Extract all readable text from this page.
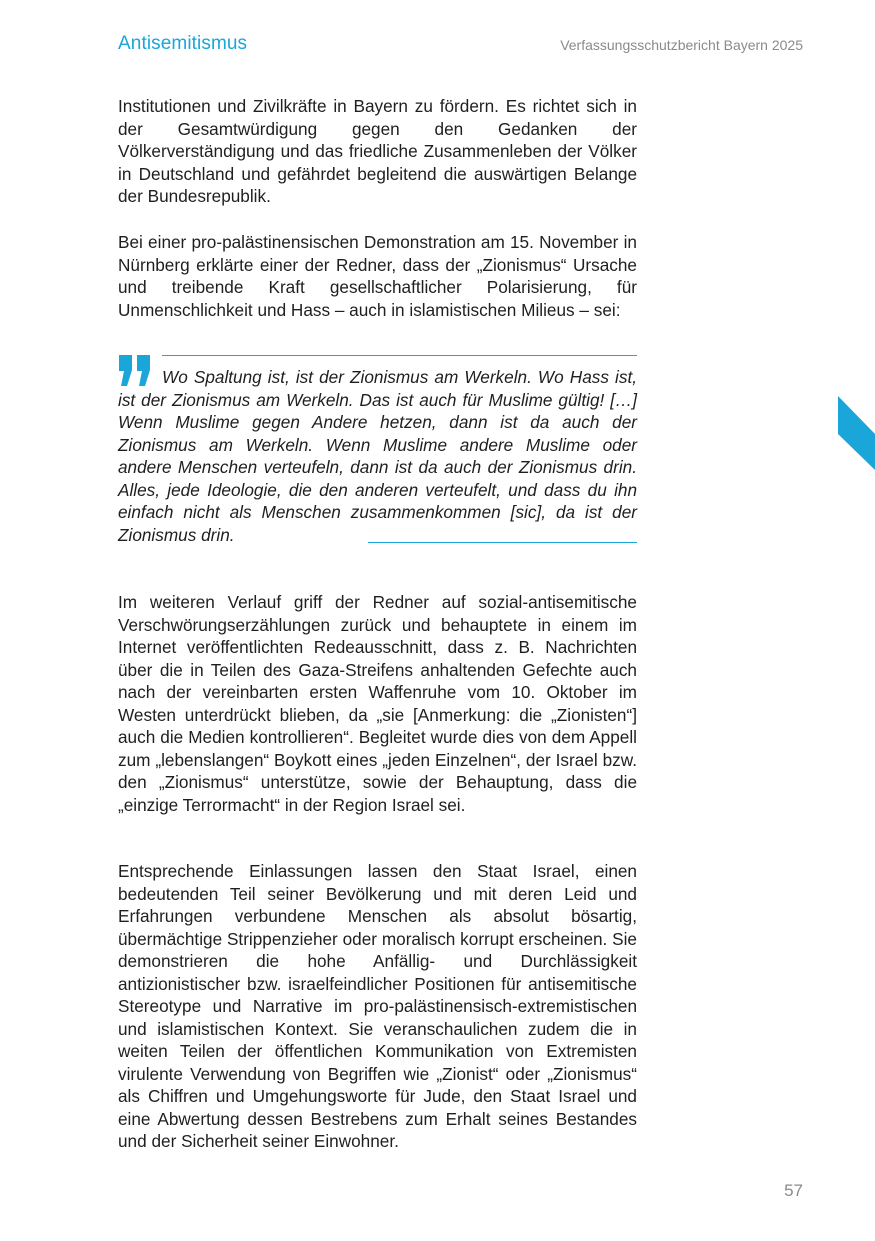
Antisemitismus	Verfassungsschutzbericht Bayern 2025

Institutionen und Zivilkräfte in Bayern zu fördern. Es richtet sich in der Gesamtwürdigung gegen den Gedanken der Völkerverständigung und das friedliche Zusammenleben der Völker in Deutschland und gefährdet begleitend die auswärtigen Belange der Bundesrepublik.

Bei einer pro-palästinensischen Demonstration am 15. November in Nürnberg erklärte einer der Redner, dass der „Zionismus“ Ursache und treibende Kraft gesellschaftlicher Polarisierung, für Unmenschlichkeit und Hass – auch in islamistischen Milieus – sei:

Wo Spaltung ist, ist der Zionismus am Werkeln. Wo Hass ist, ist der Zionismus am Werkeln. Das ist auch für Muslime gültig! […] Wenn Muslime gegen Andere hetzen, dann ist da auch der Zionismus am Werkeln. Wenn Muslime andere Muslime oder andere Menschen verteufeln, dann ist da auch der Zionismus drin. Alles, jede Ideologie, die den anderen verteufelt, und dass du ihn einfach nicht als Menschen zusammenkommen [sic], da ist der Zionismus drin.

Im weiteren Verlauf griff der Redner auf sozial-antisemitische Verschwörungserzählungen zurück und behauptete in einem im Internet veröffentlichten Redeausschnitt, dass z. B. Nachrichten über die in Teilen des Gaza-Streifens anhaltenden Gefechte auch nach der vereinbarten ersten Waffenruhe vom 10. Oktober im Westen unterdrückt blieben, da „sie [Anmerkung: die „Zionisten“] auch die Medien kontrollieren“. Begleitet wurde dies von dem Appell zum „lebenslangen“ Boykott eines „jeden Einzelnen“, der Israel bzw. den „Zionismus“ unterstütze, sowie der Behauptung, dass die „einzige Terrormacht“ in der Region Israel sei.

Entsprechende Einlassungen lassen den Staat Israel, einen bedeutenden Teil seiner Bevölkerung und mit deren Leid und Erfahrungen verbundene Menschen als absolut bösartig, übermächtige Strippenzieher oder moralisch korrupt erscheinen. Sie demonstrieren die hohe Anfällig- und Durchlässigkeit antizionistischer bzw. israelfeindlicher Positionen für antisemitische Stereotype und Narrative im pro-palästinensisch-extremistischen und islamistischen Kontext. Sie veranschaulichen zudem die in weiten Teilen der öffentlichen Kommunikation von Extremisten virulente Verwendung von Begriffen wie „Zionist“ oder „Zionismus“ als Chiffren und Umgehungsworte für Jude, den Staat Israel und eine Abwertung dessen Bestrebens zum Erhalt seines Bestandes und der Sicherheit seiner Einwohner.

57
